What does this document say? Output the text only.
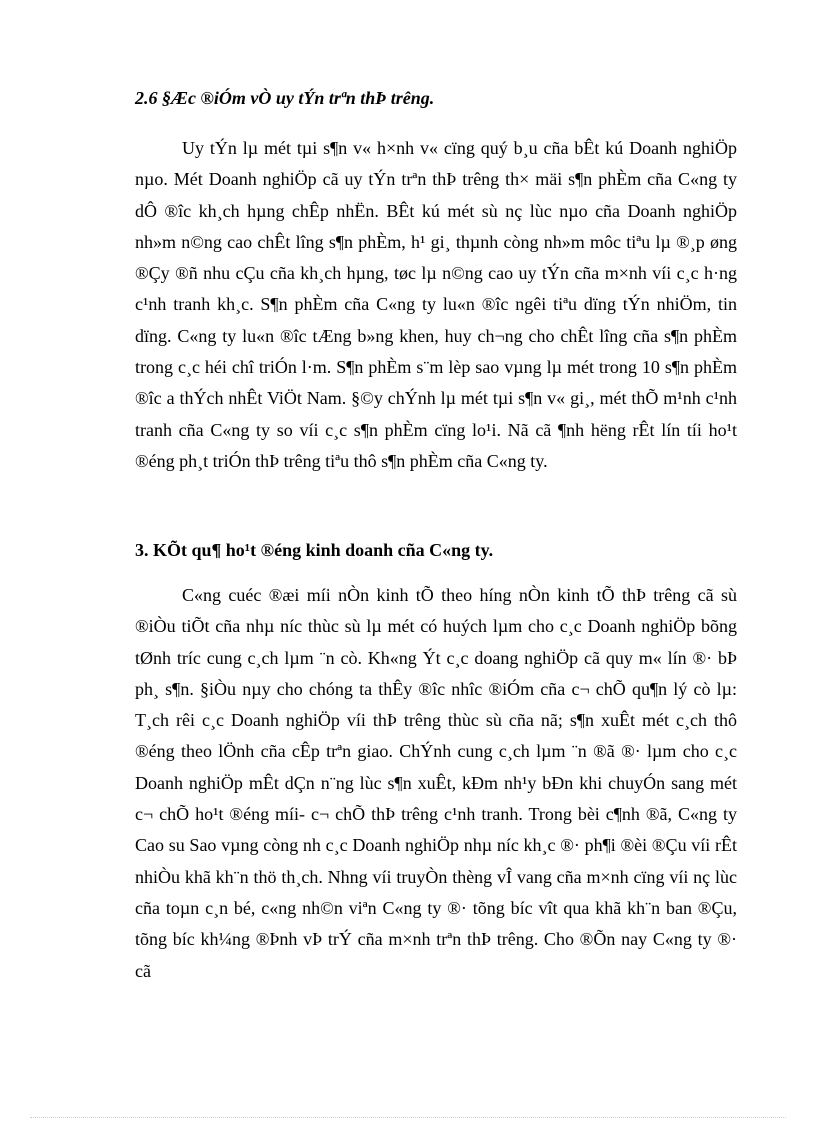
2.6 §Æc ®iÓm vÒ uy tÝn trªn thÞ trêng.

Uy tÝn lµ mét tµi s¶n v« h×nh v« cïng quý b¸u cña bÊt kú Doanh nghiÖp nµo. Mét Doanh nghiÖp cã uy tÝn trªn thÞ trêng th× mäi s¶n phÈm cña C«ng ty dÔ ®îc kh¸ch hµng chÊp nhËn. BÊt kú mét sù nç lùc nµo cña Doanh nghiÖp nh»m n©ng cao chÊt lîng s¶n phÈm, h¹ gi¸ thµnh còng nh»m môc tiªu lµ ®¸p øng ®Çy ®ñ nhu cÇu cña kh¸ch hµng, tøc lµ n©ng cao uy tÝn cña m×nh víi c¸c h·ng c¹nh tranh kh¸c. S¶n phÈm cña C«ng ty lu«n ®îc ngêi tiªu dïng tÝn nhiÖm, tin dïng. C«ng ty lu«n ®îc tÆng b»ng khen, huy ch¬ng cho chÊt lîng cña s¶n phÈm trong c¸c héi chî triÓn l·m. S¶n phÈm s¨m lèp sao vµng lµ mét trong 10 s¶n phÈm ®îc a thÝch nhÊt ViÖt Nam. §©y chÝnh lµ mét tµi s¶n v« gi¸, mét thÕ m¹nh c¹nh tranh cña C«ng ty so víi c¸c s¶n phÈm cïng lo¹i. Nã cã ¶nh hëng rÊt lín tíi ho¹t ®éng ph¸t triÓn thÞ trêng tiªu thô s¶n phÈm cña C«ng ty.

3. KÕt qu¶ ho¹t ®éng kinh doanh cña C«ng ty.

C«ng cuéc ®æi míi nÒn kinh tÕ theo híng nÒn kinh tÕ thÞ trêng cã sù ®iÒu tiÕt cña nhµ níc thùc sù lµ mét có huých lµm cho c¸c Doanh nghiÖp bõng tØnh tríc cung c¸ch lµm ¨n cò. Kh«ng Ýt c¸c doang nghiÖp cã quy m« lín ®· bÞ ph¸ s¶n. §iÒu nµy cho chóng ta thÊy ®îc nhîc ®iÓm cña c¬ chÕ qu¶n lý cò lµ: T¸ch rêi c¸c Doanh nghiÖp víi thÞ trêng thùc sù cña nã; s¶n xuÊt mét c¸ch thô ®éng theo lÖnh cña cÊp trªn giao. ChÝnh cung c¸ch lµm ¨n ®ã ®· lµm cho c¸c Doanh nghiÖp mÊt dÇn n¨ng lùc s¶n xuÊt, kÐm nh¹y bÐn khi chuyÓn sang mét c¬ chÕ ho¹t ®éng míi- c¬ chÕ thÞ trêng c¹nh tranh. Trong bèi c¶nh ®ã, C«ng ty Cao su Sao vµng còng nh c¸c Doanh nghiÖp nhµ níc kh¸c ®· ph¶i ®èi ®Çu víi rÊt nhiÒu khã kh¨n thö th¸ch. Nhng víi truyÒn thèng vÎ vang cña m×nh cïng víi nç lùc cña toµn c¸n bé, c«ng nh©n viªn C«ng ty ®· tõng bíc vît qua khã kh¨n ban ®Çu, tõng bíc kh¼ng ®Þnh vÞ trÝ cña m×nh trªn thÞ trêng. Cho ®Õn nay C«ng ty ®· cã
